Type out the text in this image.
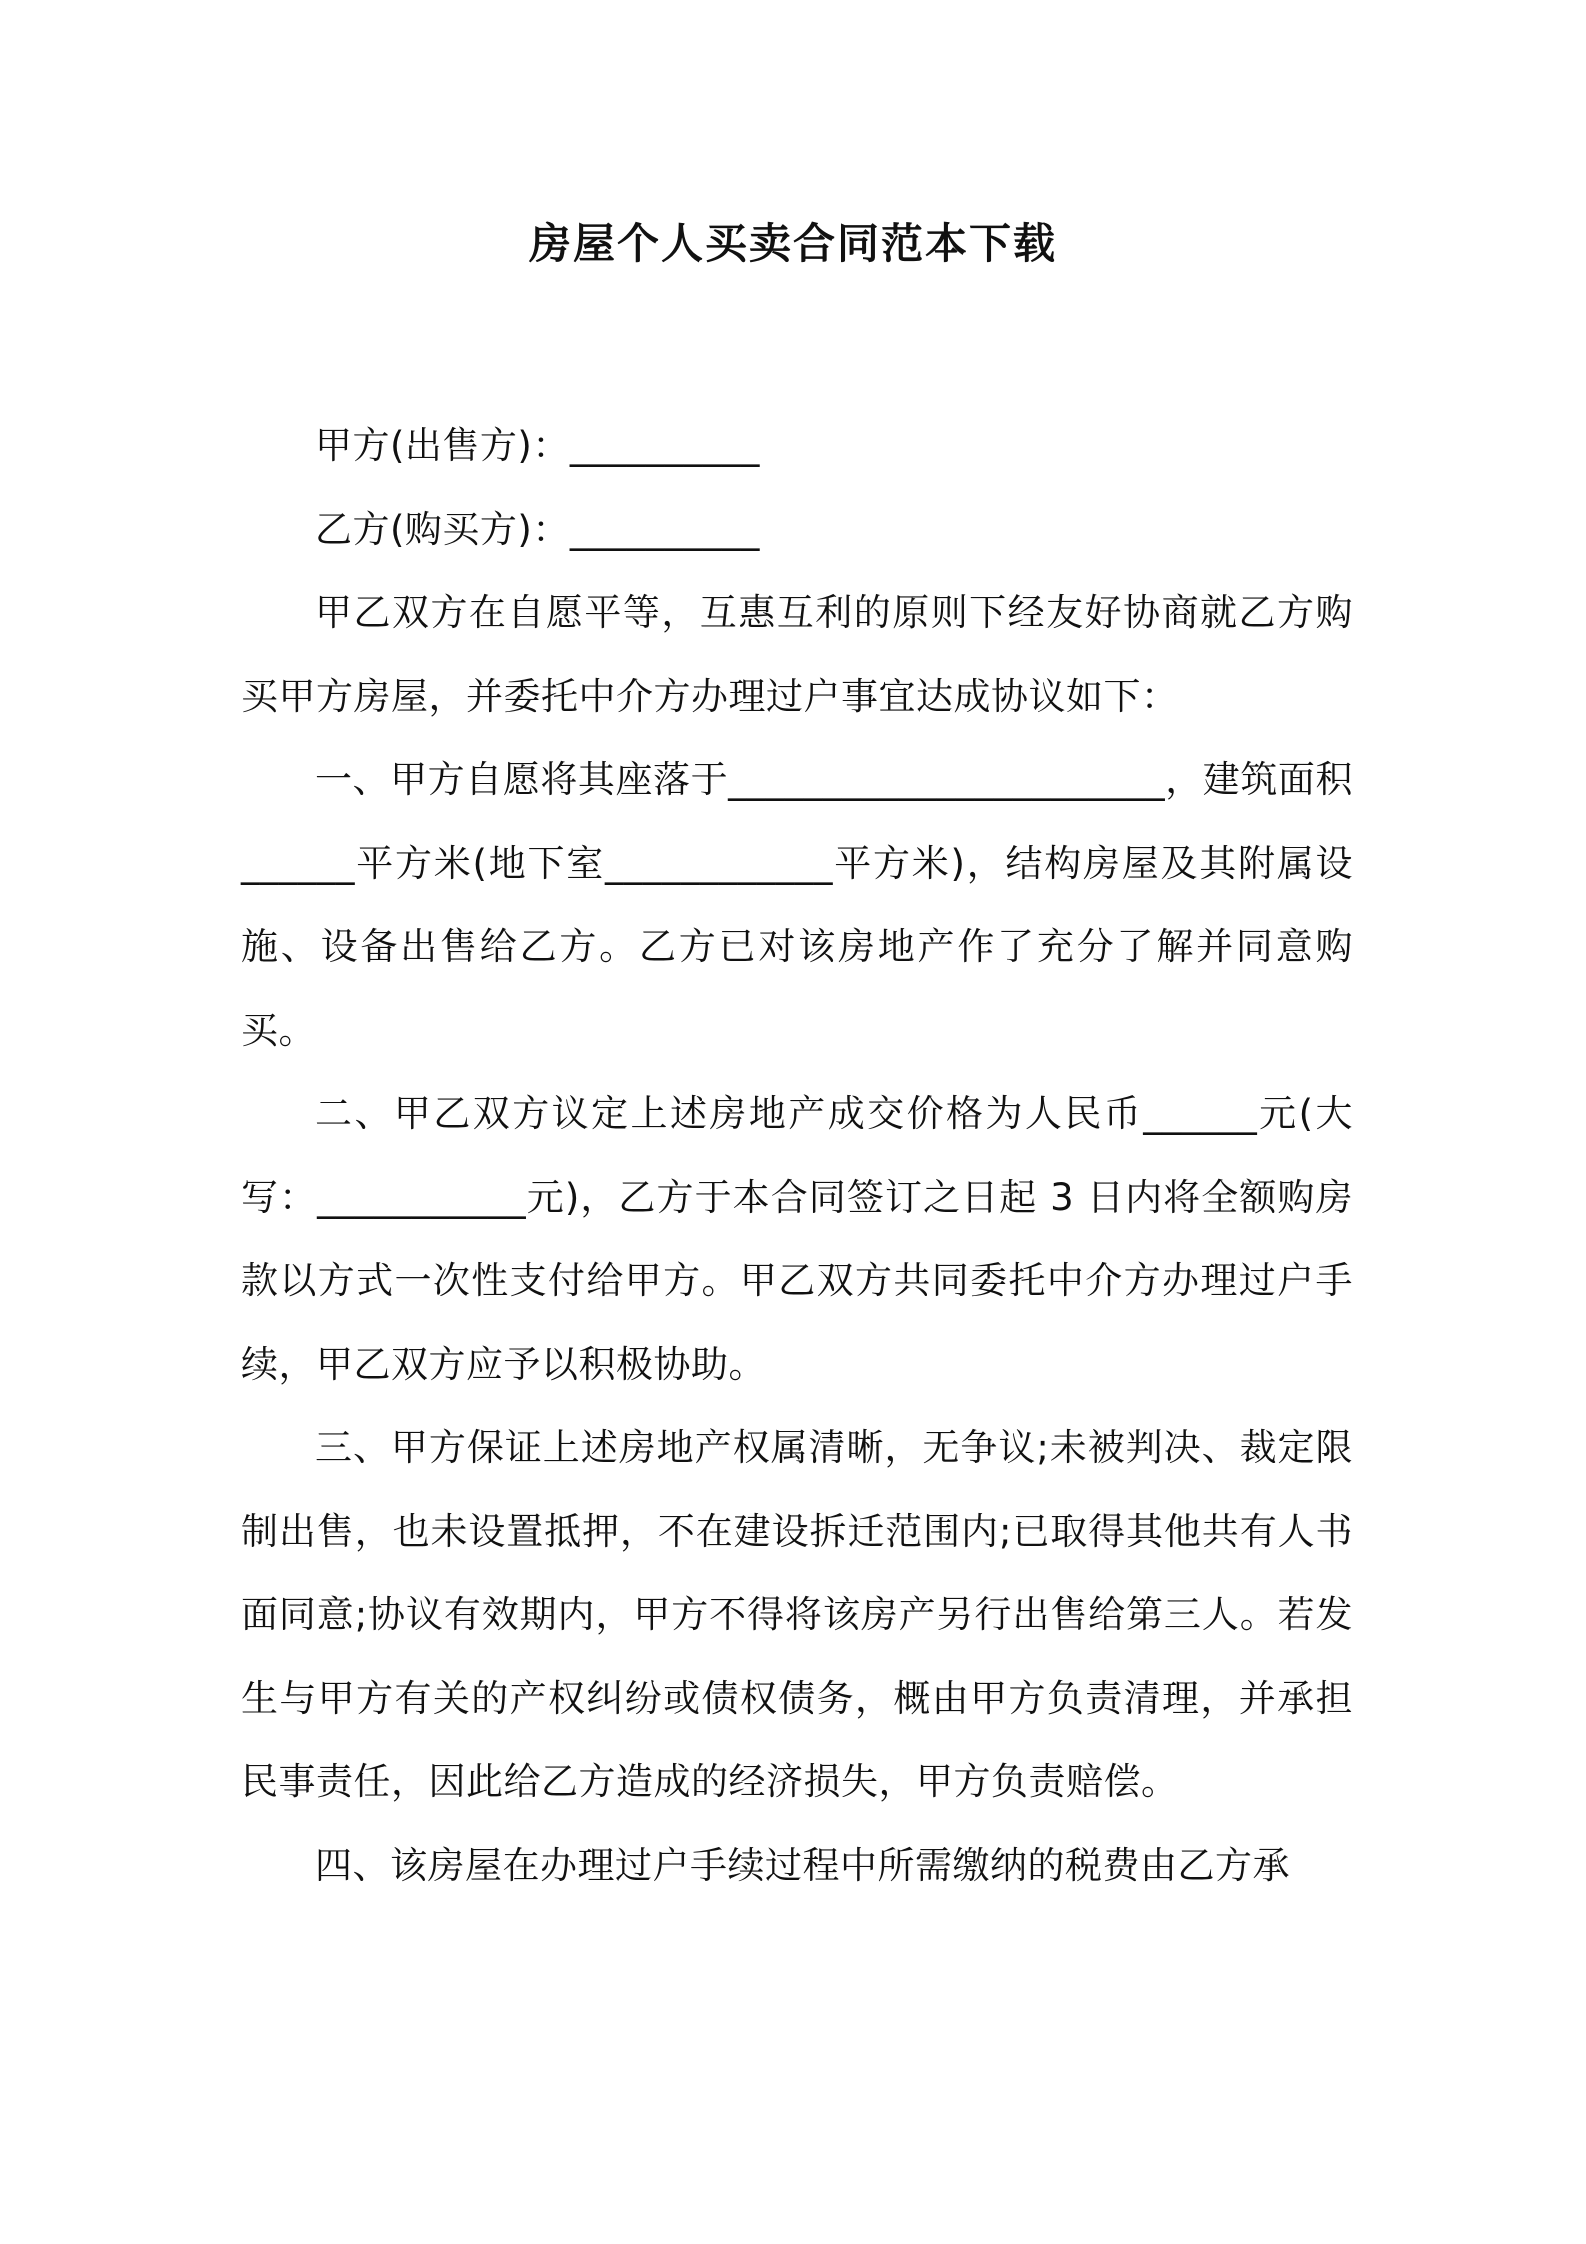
房屋个人买卖合同范本下载

甲方(出售方)：__________

乙方(购买方)：__________

甲乙双方在自愿平等，互惠互利的原则下经友好协商就乙方购买甲方房屋，并委托中介方办理过户事宜达成协议如下：

一、甲方自愿将其座落于_______________________，建筑面积______平方米(地下室____________平方米)，结构房屋及其附属设施、设备出售给乙方。乙方已对该房地产作了充分了解并同意购买。

二、甲乙双方议定上述房地产成交价格为人民币______元(大写：___________元)，乙方于本合同签订之日起 3 日内将全额购房款以方式一次性支付给甲方。甲乙双方共同委托中介方办理过户手续，甲乙双方应予以积极协助。

三、甲方保证上述房地产权属清晰，无争议;未被判决、裁定限制出售，也未设置抵押，不在建设拆迁范围内;已取得其他共有人书面同意;协议有效期内，甲方不得将该房产另行出售给第三人。若发生与甲方有关的产权纠纷或债权债务，概由甲方负责清理，并承担民事责任，因此给乙方造成的经济损失，甲方负责赔偿。

四、该房屋在办理过户手续过程中所需缴纳的税费由乙方承
